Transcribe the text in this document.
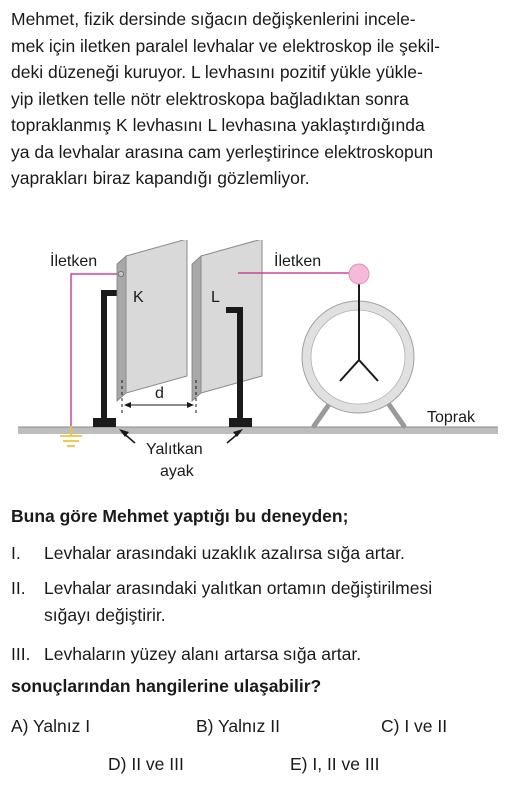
Mehmet, fizik dersinde sığacın değişkenlerini incele-
mek için iletken paralel levhalar ve elektroskop ile şekil-
deki düzeneği kuruyor. L levhasını pozitif yükle yükle-
yip iletken telle nötr elektroskopa bağladıktan sonra
topraklanmış K levhasını L levhasına yaklaştırdığında
ya da levhalar arasına cam yerleştirince elektroskopun
yaprakları biraz kapandığı gözlemliyor.
K	L
d
İletken	İletken
Toprak
Yalıtkan
ayak

Buna göre Mehmet yaptığı bu deneyden;

I. Levhalar arasındaki uzaklık azalırsa sığa artar.
II. Levhalar arasındaki yalıtkan ortamın değiştirilmesi
sığayı değiştirir.
III. Levhaların yüzey alanı artarsa sığa artar.

sonuçlarından hangilerine ulaşabilir?

A) Yalnız I	B) Yalnız II	C) I ve II
D) II ve III	E) I, II ve III
